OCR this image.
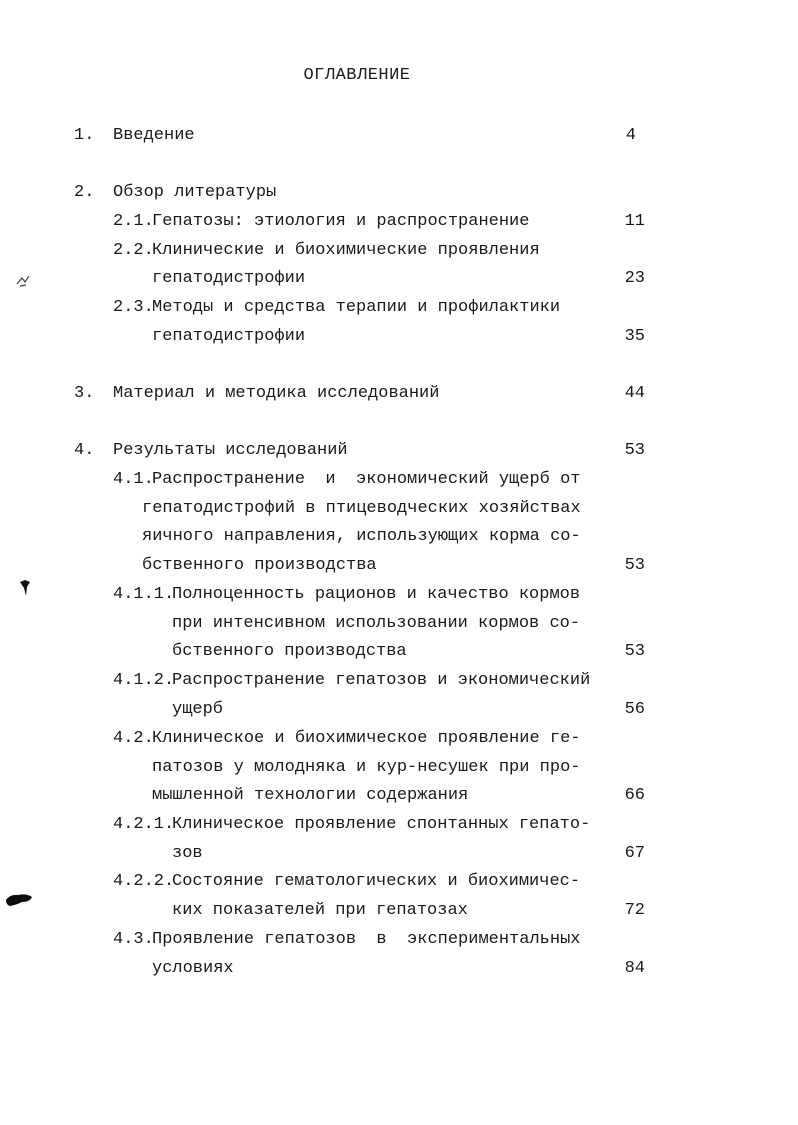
ОГЛАВЛЕНИЕ
1. Введение	4
2. Обзор литературы
2.1.
Гепатозы: этиология и распространение	11
2.2.
Клинические и биохимические проявления
гепатодистрофии	23
2.3.
Методы и средства терапии и профилактики
гепатодистрофии	35
3. Материал и методика исследований	44
4. Результаты исследований	53
4.1.
Распространение  и  экономический ущерб от
гепатодистрофий в птицеводческих хозяйствах
яичного направления, использующих корма со-
бственного производства	53
4.1.1.
Полноценность рационов и качество кормов
при интенсивном использовании кормов со-
бственного производства	53
4.1.2.
Распространение гепатозов и экономический
ущерб	56
4.2.
Клиническое и биохимическое проявление ге-
патозов у молодняка и кур-несушек при про-
мышленной технологии содержания	66
4.2.1.
Клиническое проявление спонтанных гепато-
зов	67
4.2.2.
Состояние гематологических и биохимичес-
ких показателей при гепатозах	72
4.3.
Проявление гепатозов  в  экспериментальных
условиях	84
